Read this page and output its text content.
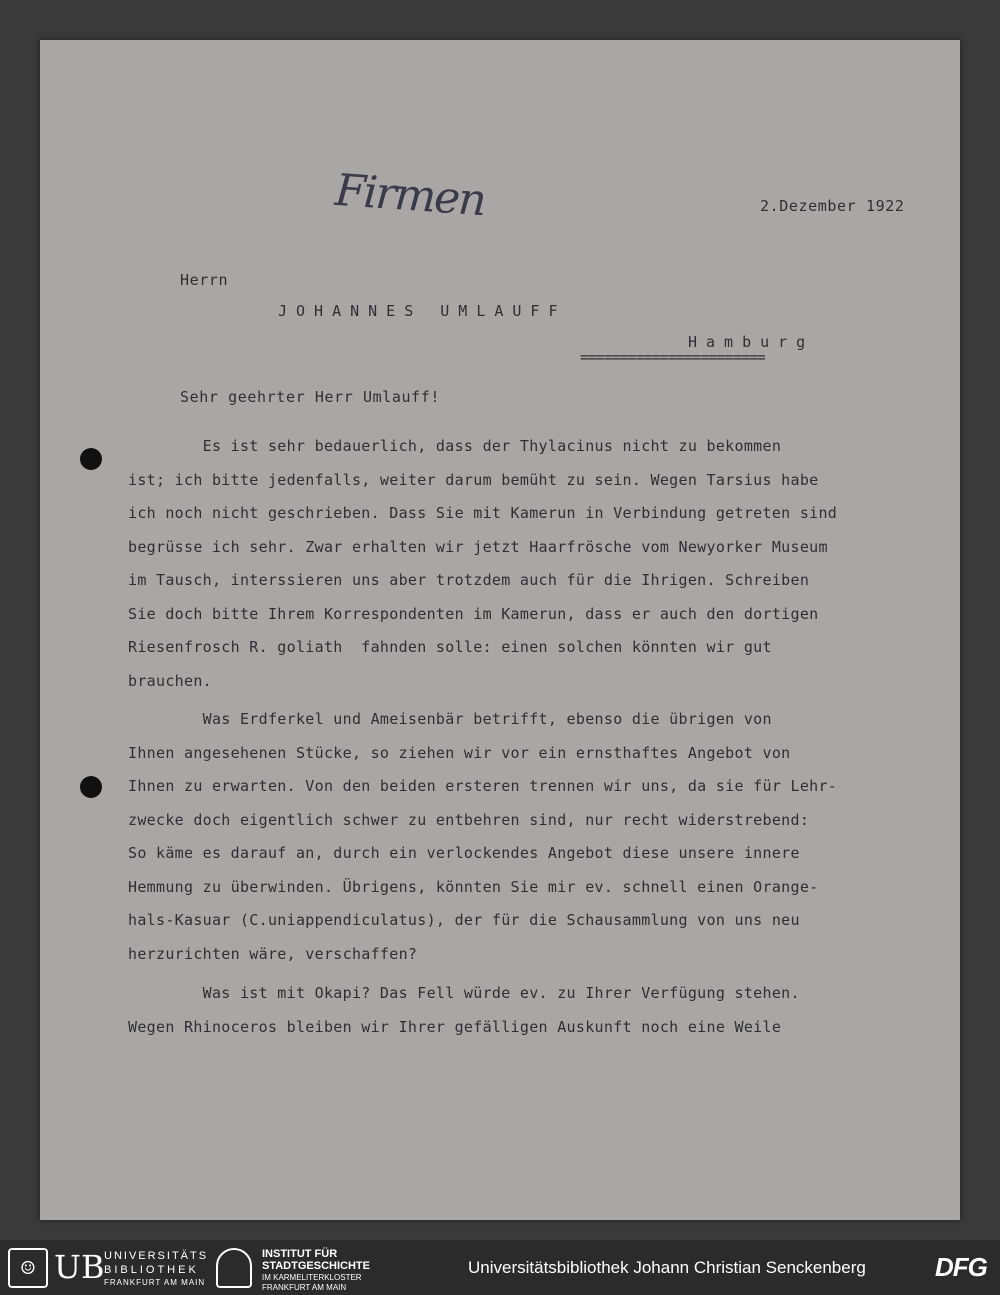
Firmen	2.Dezember 1922
Herrn
JOHANNES UMLAUFF
Hamburg
=======================
Sehr geehrter Herr Umlauff!
Es ist sehr bedauerlich, dass der Thylacinus nicht zu bekommen
ist; ich bitte jedenfalls, weiter darum bemüht zu sein. Wegen Tarsius habe
ich noch nicht geschrieben. Dass Sie mit Kamerun in Verbindung getreten sind
begrüsse ich sehr. Zwar erhalten wir jetzt Haarfrösche vom Newyorker Museum
im Tausch, interssieren uns aber trotzdem auch für die Ihrigen. Schreiben
Sie doch bitte Ihrem Korrespondenten im Kamerun, dass er auch den dortigen
Riesenfrosch R. goliath  fahnden solle: einen solchen könnten wir gut
brauchen.
Was Erdferkel und Ameisenbär betrifft, ebenso die übrigen von
Ihnen angesehenen Stücke, so ziehen wir vor ein ernsthaftes Angebot von
Ihnen zu erwarten. Von den beiden ersteren trennen wir uns, da sie für Lehr-
zwecke doch eigentlich schwer zu entbehren sind, nur recht widerstrebend:
So käme es darauf an, durch ein verlockendes Angebot diese unsere innere
Hemmung zu überwinden. Übrigens, könnten Sie mir ev. schnell einen Orange-
hals-Kasuar (C.uniappendiculatus), der für die Schausammlung von uns neu
herzurichten wäre, verschaffen?
Was ist mit Okapi? Das Fell würde ev. zu Ihrer Verfügung stehen.
Wegen Rhinoceros bleiben wir Ihrer gefälligen Auskunft noch eine Weile
☺ UB UNIVERSITÄTS
BIBLIOTHEK
FRANKFURT AM MAIN
INSTITUT FÜR
STADTGESCHICHTE
IM KARMELITERKLOSTER
FRANKFURT AM MAIN
Universitätsbibliothek Johann Christian Senckenberg	DFG
